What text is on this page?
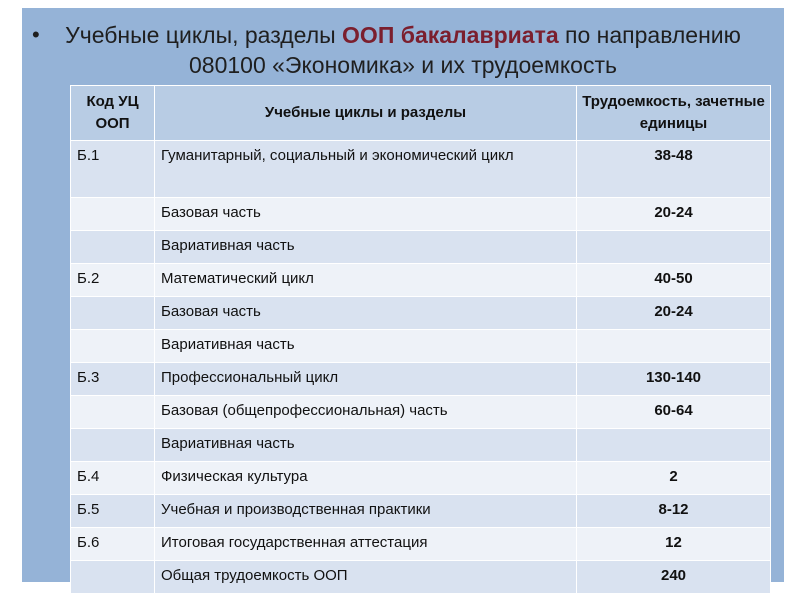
•	Учебные циклы, разделы ООП бакалавриата по направлению
080100 «Экономика» и их трудоемкость
Код УЦ ООП	Учебные циклы и разделы	Трудоемкость, зачетные единицы
Б.1	Гуманитарный, социальный и экономический цикл	38-48
	Базовая часть	20-24
	Вариативная часть	
Б.2	Математический цикл	40-50
	Базовая часть	20-24
	Вариативная часть	
Б.3	Профессиональный цикл	130-140
	Базовая (общепрофессиональная) часть	60-64
	Вариативная часть	
Б.4	Физическая культура	2
Б.5	Учебная и производственная практики	8-12
Б.6	Итоговая государственная аттестация	12
	Общая трудоемкость ООП	240
